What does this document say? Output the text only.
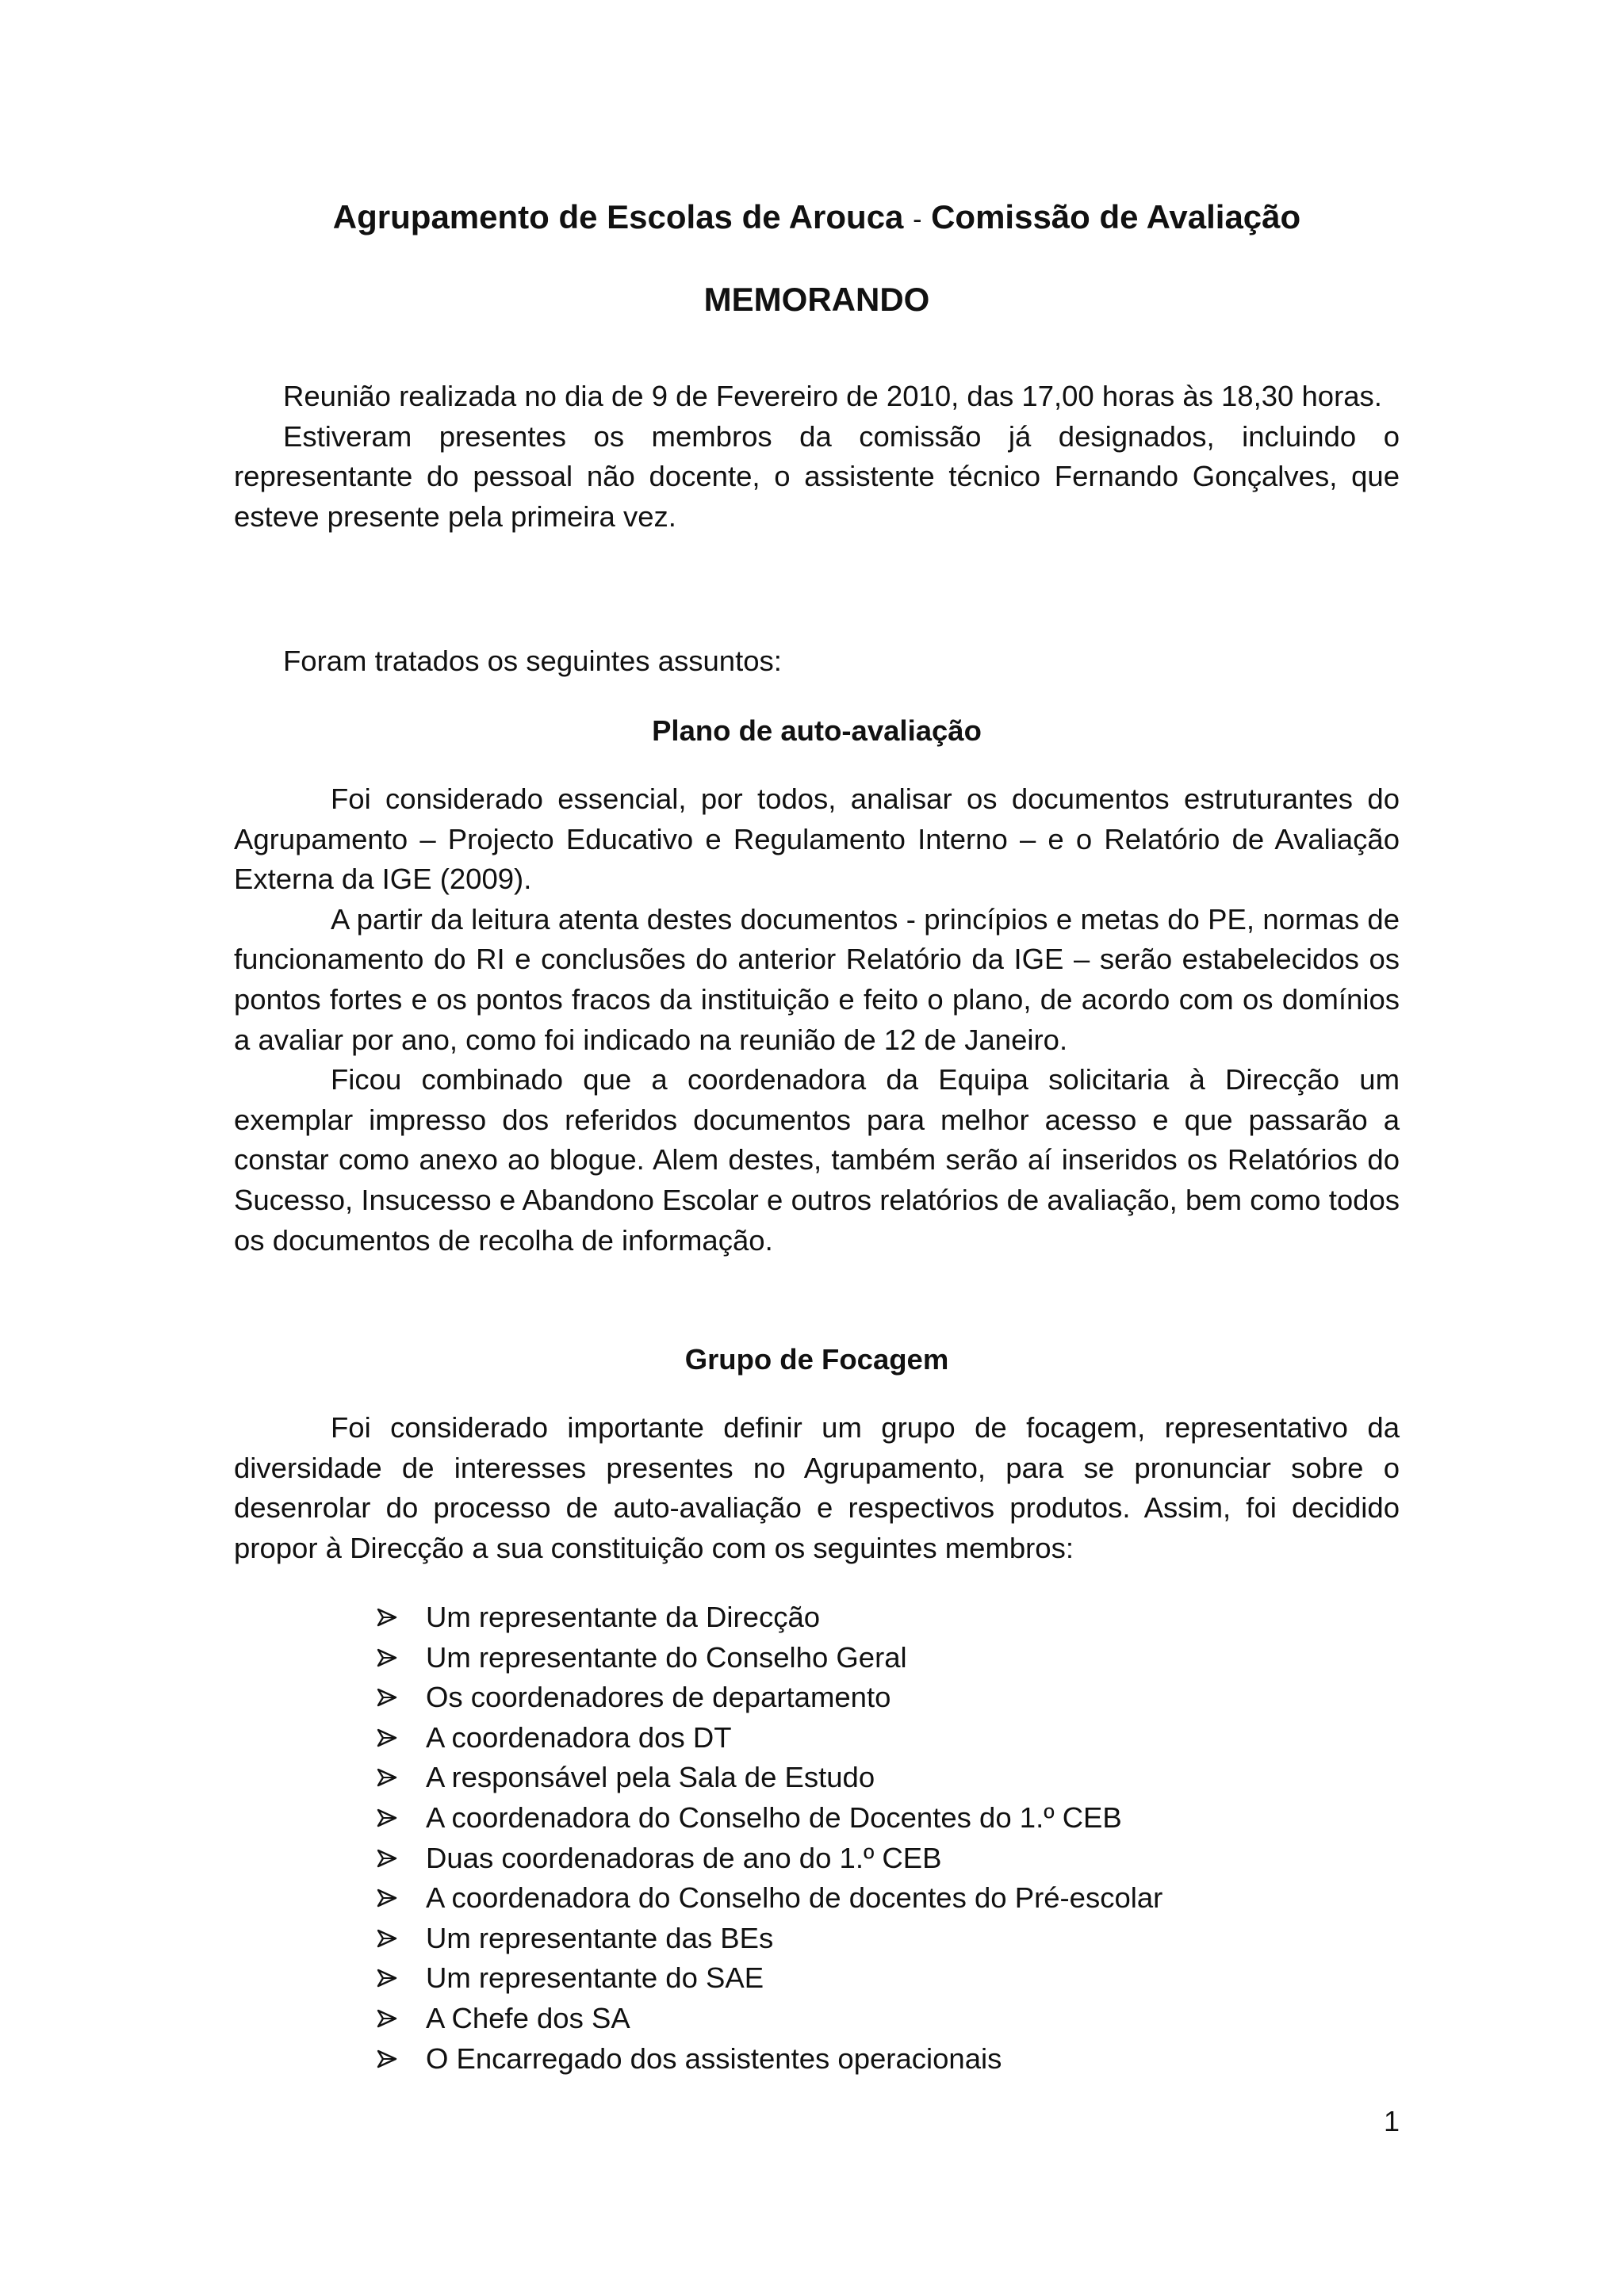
Agrupamento de Escolas de Arouca - Comissão de Avaliação
MEMORANDO

Reunião realizada no dia de 9 de Fevereiro de 2010, das 17,00 horas às 18,30 horas.

Estiveram presentes os membros da comissão já designados, incluindo o representante do pessoal não docente, o assistente técnico Fernando Gonçalves, que esteve presente pela primeira vez.

Foram tratados os seguintes assuntos:

Plano de auto-avaliação

Foi considerado essencial, por todos, analisar os documentos estruturantes do Agrupamento – Projecto Educativo e Regulamento Interno – e o Relatório de Avaliação Externa da IGE (2009).

A partir da leitura atenta destes documentos - princípios e metas do PE, normas de funcionamento do RI e conclusões do anterior Relatório da IGE – serão estabelecidos os pontos fortes e os pontos fracos da instituição e feito o plano, de acordo com os domínios a avaliar por ano, como foi indicado na reunião de 12 de Janeiro.

Ficou combinado que a coordenadora da Equipa solicitaria à Direcção um exemplar impresso dos referidos documentos para melhor acesso e que passarão a constar como anexo ao blogue. Alem destes, também serão aí inseridos os Relatórios do Sucesso, Insucesso e Abandono Escolar e outros relatórios de avaliação, bem como todos os documentos de recolha de informação.

Grupo de Focagem

Foi considerado importante definir um grupo de focagem, representativo da diversidade de interesses presentes no Agrupamento, para se pronunciar sobre o desenrolar do processo de auto-avaliação e respectivos produtos. Assim, foi decidido propor à Direcção a sua constituição com os seguintes membros:

Um representante da Direcção
Um representante do Conselho Geral
Os coordenadores de departamento
A coordenadora dos DT
A responsável pela Sala de Estudo
A coordenadora do Conselho de Docentes do 1.º CEB
Duas coordenadoras de ano do 1.º CEB
A coordenadora do Conselho de docentes do Pré-escolar
Um representante das BEs
Um representante do SAE
A Chefe dos SA
O Encarregado dos assistentes operacionais
1
